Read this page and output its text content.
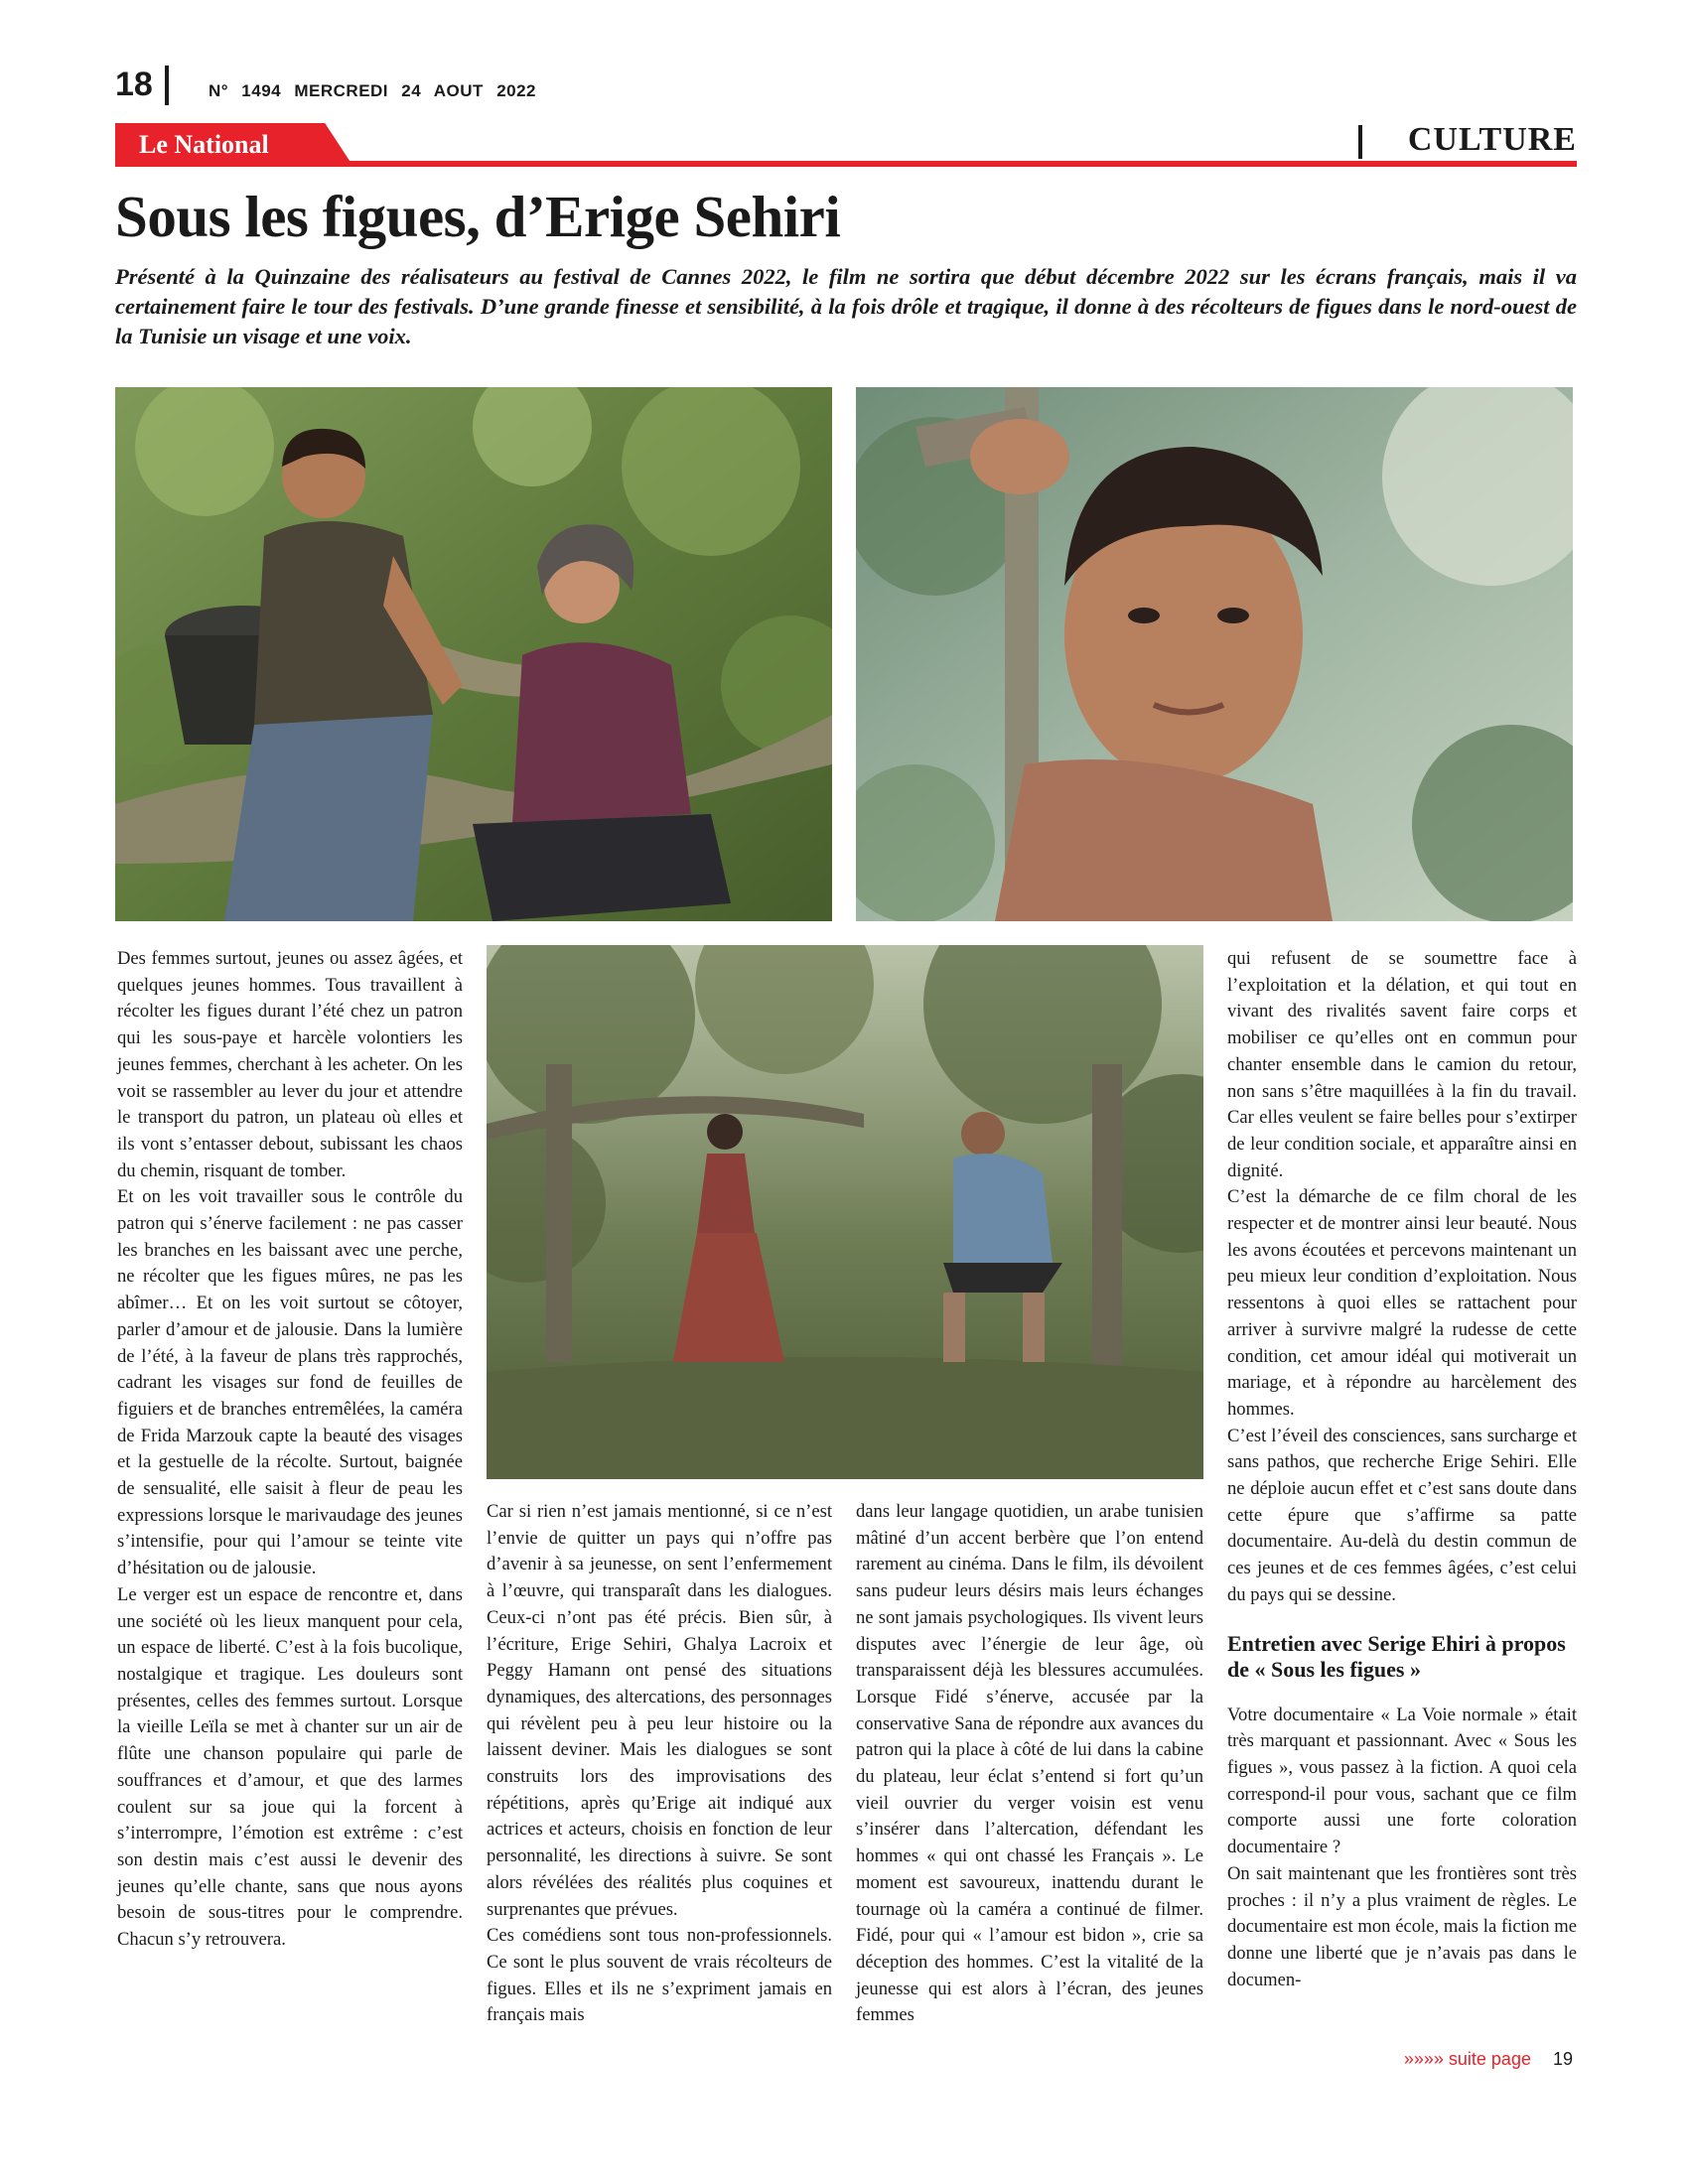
18	N° 1494 MERCREDI 24 AOUT 2022
Le National	CULTURE
Sous les figues, d’Erige Sehiri

Présenté à la Quinzaine des réalisateurs au festival de Cannes 2022, le film ne sortira que début décembre 2022 sur les écrans français, mais il va certainement faire le tour des festivals. D’une grande finesse et sensibilité, à la fois drôle et tragique, il donne à des récolteurs de figues dans le nord-ouest de la Tunisie un visage et une voix.

Des femmes surtout, jeunes ou assez âgées, et quelques jeunes hommes. Tous travaillent à récolter les figues durant l’été chez un patron qui les sous-paye et harcèle volontiers les jeunes femmes, cherchant à les acheter. On les voit se rassembler au lever du jour et attendre le transport du patron, un plateau où elles et ils vont s’entasser debout, subissant les chaos du chemin, risquant de tomber.

Et on les voit travailler sous le contrôle du patron qui s’énerve facilement : ne pas casser les branches en les baissant avec une perche, ne récolter que les figues mûres, ne pas les abîmer… Et on les voit surtout se côtoyer, parler d’amour et de jalousie. Dans la lumière de l’été, à la faveur de plans très rapprochés, cadrant les visages sur fond de feuilles de figuiers et de branches entremêlées, la caméra de Frida Marzouk capte la beauté des visages et la gestuelle de la récolte. Surtout, baignée de sensualité, elle saisit à fleur de peau les expressions lorsque le marivaudage des jeunes s’intensifie, pour qui l’amour se teinte vite d’hésitation ou de jalousie.

Le verger est un espace de rencontre et, dans une société où les lieux manquent pour cela, un espace de liberté. C’est à la fois bucolique, nostalgique et tragique. Les douleurs sont présentes, celles des femmes surtout. Lorsque la vieille Leïla se met à chanter sur un air de flûte une chanson populaire qui parle de souffrances et d’amour, et que des larmes coulent sur sa joue qui la forcent à s’interrompre, l’émotion est extrême : c’est son destin mais c’est aussi le devenir des jeunes qu’elle chante, sans que nous ayons besoin de sous-titres pour le comprendre. Chacun s’y retrouvera.

Car si rien n’est jamais mentionné, si ce n’est l’envie de quitter un pays qui n’offre pas d’avenir à sa jeunesse, on sent l’enfermement à l’œuvre, qui transparaît dans les dialogues. Ceux-ci n’ont pas été précis. Bien sûr, à l’écriture, Erige Sehiri, Ghalya Lacroix et Peggy Hamann ont pensé des situations dynamiques, des altercations, des personnages qui révèlent peu à peu leur histoire ou la laissent deviner. Mais les dialogues se sont construits lors des improvisations des répétitions, après qu’Erige ait indiqué aux actrices et acteurs, choisis en fonction de leur personnalité, les directions à suivre. Se sont alors révélées des réalités plus coquines et surprenantes que prévues.

Ces comédiens sont tous non-professionnels. Ce sont le plus souvent de vrais récolteurs de figues. Elles et ils ne s’expriment jamais en français mais

dans leur langage quotidien, un arabe tunisien mâtiné d’un accent berbère que l’on entend rarement au cinéma. Dans le film, ils dévoilent sans pudeur leurs désirs mais leurs échanges ne sont jamais psychologiques. Ils vivent leurs disputes avec l’énergie de leur âge, où transparaissent déjà les blessures accumulées. Lorsque Fidé s’énerve, accusée par la conservative Sana de répondre aux avances du patron qui la place à côté de lui dans la cabine du plateau, leur éclat s’entend si fort qu’un vieil ouvrier du verger voisin est venu s’insérer dans l’altercation, défendant les hommes « qui ont chassé les Français ». Le moment est savoureux, inattendu durant le tournage où la caméra a continué de filmer. Fidé, pour qui « l’amour est bidon », crie sa déception des hommes. C’est la vitalité de la jeunesse qui est alors à l’écran, des jeunes femmes

qui refusent de se soumettre face à l’exploitation et la délation, et qui tout en vivant des rivalités savent faire corps et mobiliser ce qu’elles ont en commun pour chanter ensemble dans le camion du retour, non sans s’être maquillées à la fin du travail. Car elles veulent se faire belles pour s’extirper de leur condition sociale, et apparaître ainsi en dignité.

C’est la démarche de ce film choral de les respecter et de montrer ainsi leur beauté. Nous les avons écoutées et percevons maintenant un peu mieux leur condition d’exploitation. Nous ressentons à quoi elles se rattachent pour arriver à survivre malgré la rudesse de cette condition, cet amour idéal qui motiverait un mariage, et à répondre au harcèlement des hommes.

C’est l’éveil des consciences, sans surcharge et sans pathos, que recherche Erige Sehiri. Elle ne déploie aucun effet et c’est sans doute dans cette épure que s’affirme sa patte documentaire. Au-delà du destin commun de ces jeunes et de ces femmes âgées, c’est celui du pays qui se dessine.

Entretien avec Serige Ehiri à propos de « Sous les figues »

Votre documentaire « La Voie normale » était très marquant et passionnant. Avec « Sous les figues », vous passez à la fiction. A quoi cela correspond-il pour vous, sachant que ce film comporte aussi une forte coloration documentaire ?

On sait maintenant que les frontières sont très proches : il n’y a plus vraiment de règles. Le documentaire est mon école, mais la fiction me donne une liberté que je n’avais pas dans le documen-

»»»» suite page 19
